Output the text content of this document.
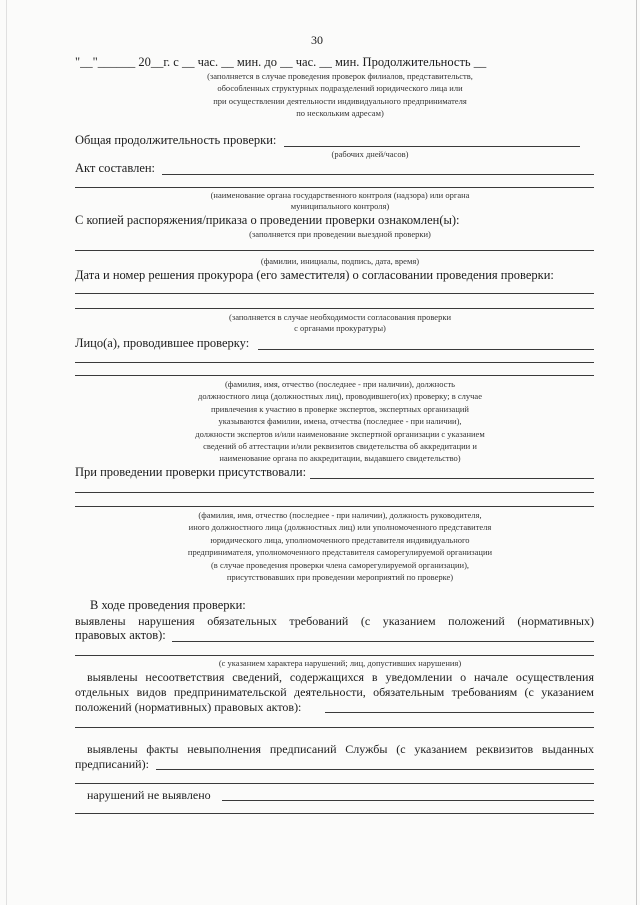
30
"__"______ 20__г. с __ час. __ мин. до __ час. __ мин. Продолжительность __
(заполняется в случае проведения проверок филиалов, представительств,
обособленных структурных подразделений юридического лица или
при осуществлении деятельности индивидуального предпринимателя
по нескольким адресам)
Общая продолжительность проверки:
(рабочих дней/часов)
Акт составлен:
(наименование органа государственного контроля (надзора) или органа
муниципального контроля)
С копией распоряжения/приказа о проведении проверки ознакомлен(ы):
(заполняется при проведении выездной проверки)
(фамилии, инициалы, подпись, дата, время)
Дата и номер решения прокурора (его заместителя) о согласовании проведения проверки:
(заполняется в случае необходимости согласования проверки
с органами прокуратуры)
Лицо(а), проводившее проверку:
(фамилия, имя, отчество (последнее - при наличии), должность
должностного лица (должностных лиц), проводившего(их) проверку; в случае
привлечения к участию в проверке экспертов, экспертных организаций
указываются фамилии, имена, отчества (последнее - при наличии),
должности экспертов и/или наименование экспертной организации с указанием
сведений об аттестации и/или реквизитов свидетельства об аккредитации и
наименование органа по аккредитации, выдавшего свидетельство)
При проведении проверки присутствовали:
(фамилия, имя, отчество (последнее - при наличии), должность руководителя,
иного должностного лица (должностных лиц) или уполномоченного представителя
юридического лица, уполномоченного представителя индивидуального
предпринимателя, уполномоченного представителя саморегулируемой организации
(в случае проведения проверки члена саморегулируемой организации),
присутствовавших при проведении мероприятий по проверке)
В ходе проведения проверки:
выявлены нарушения обязательных требований (с указанием положений (нормативных)
правовых актов):
(с указанием характера нарушений; лиц, допустивших нарушения)
выявлены несоответствия сведений, содержащихся в уведомлении о начале осуществления
отдельных видов предпринимательской деятельности, обязательным требованиям (с указанием
положений (нормативных) правовых актов):
выявлены факты невыполнения предписаний Службы (с указанием реквизитов выданных
предписаний):
нарушений не выявлено
